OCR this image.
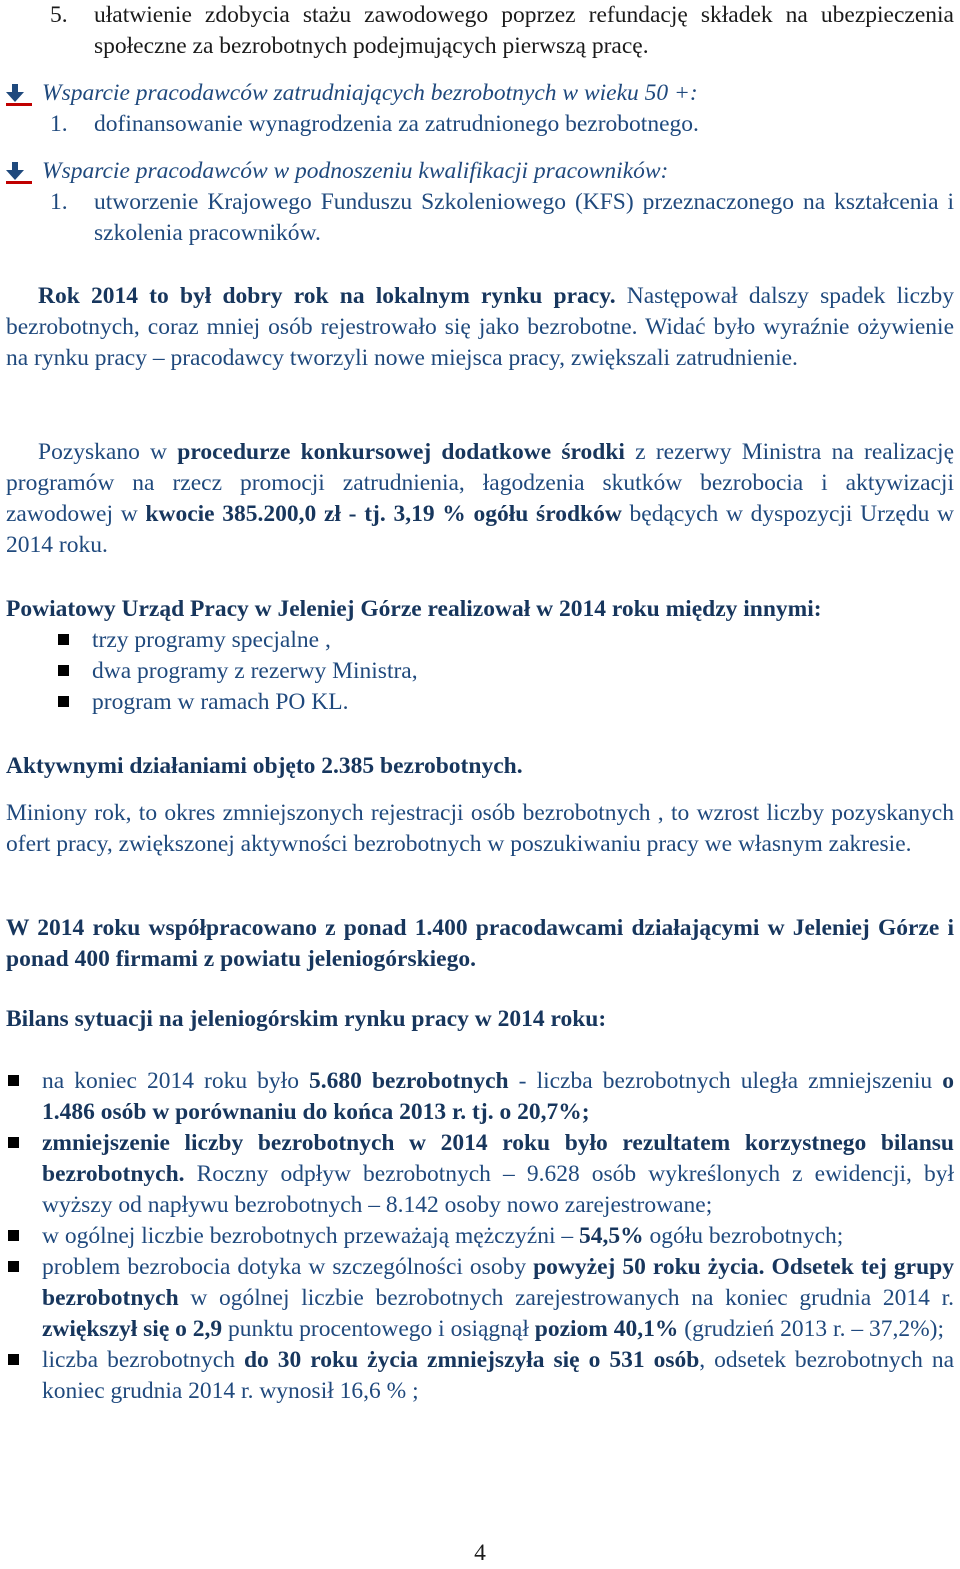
5. ułatwienie zdobycia stażu zawodowego poprzez refundację składek na ubezpieczenia społeczne za bezrobotnych podejmujących pierwszą pracę.

Wsparcie pracodawców zatrudniających bezrobotnych w wieku 50 +:

1. dofinansowanie wynagrodzenia za zatrudnionego bezrobotnego.

Wsparcie pracodawców w podnoszeniu kwalifikacji pracowników:

1. utworzenie Krajowego Funduszu Szkoleniowego (KFS) przeznaczonego na kształcenia i szkolenia pracowników.

Rok 2014 to był dobry rok na lokalnym rynku pracy. Następował dalszy spadek liczby bezrobotnych, coraz mniej osób rejestrowało się jako bezrobotne. Widać było wyraźnie ożywienie na rynku pracy – pracodawcy tworzyli nowe miejsca pracy, zwiększali zatrudnienie.

Pozyskano w procedurze konkursowej dodatkowe środki z rezerwy Ministra na realizację programów na rzecz promocji zatrudnienia, łagodzenia skutków bezrobocia i aktywizacji zawodowej w kwocie 385.200,0 zł - tj. 3,19 % ogółu środków będących w dyspozycji Urzędu w 2014 roku.

Powiatowy Urząd Pracy w Jeleniej Górze realizował w 2014 roku między innymi:

trzy programy specjalne ,

dwa programy z rezerwy Ministra,

program w ramach PO KL.

Aktywnymi działaniami objęto 2.385 bezrobotnych.

Miniony rok, to okres zmniejszonych rejestracji osób bezrobotnych , to wzrost liczby pozyskanych ofert pracy, zwiększonej aktywności bezrobotnych w poszukiwaniu pracy we własnym zakresie.

W 2014 roku współpracowano z ponad 1.400 pracodawcami działającymi w Jeleniej Górze i ponad 400 firmami z powiatu jeleniogórskiego.

Bilans sytuacji na jeleniogórskim rynku pracy w 2014 roku:

na koniec 2014 roku było 5.680 bezrobotnych - liczba bezrobotnych uległa zmniejszeniu o 1.486 osób w porównaniu do końca 2013 r. tj. o 20,7%;

zmniejszenie liczby bezrobotnych w 2014 roku było rezultatem korzystnego bilansu bezrobotnych. Roczny odpływ bezrobotnych – 9.628 osób wykreślonych z ewidencji, był wyższy od napływu bezrobotnych – 8.142 osoby nowo zarejestrowane;

w ogólnej liczbie bezrobotnych przeważają mężczyźni – 54,5% ogółu bezrobotnych;

problem bezrobocia dotyka w szczególności osoby powyżej 50 roku życia. Odsetek tej grupy bezrobotnych w ogólnej liczbie bezrobotnych zarejestrowanych na koniec grudnia 2014 r. zwiększył się o 2,9 punktu procentowego i osiągnął poziom 40,1% (grudzień 2013 r. – 37,2%);

liczba bezrobotnych do 30 roku życia zmniejszyła się o 531 osób, odsetek bezrobotnych na koniec grudnia 2014 r. wynosił 16,6 % ;

4
